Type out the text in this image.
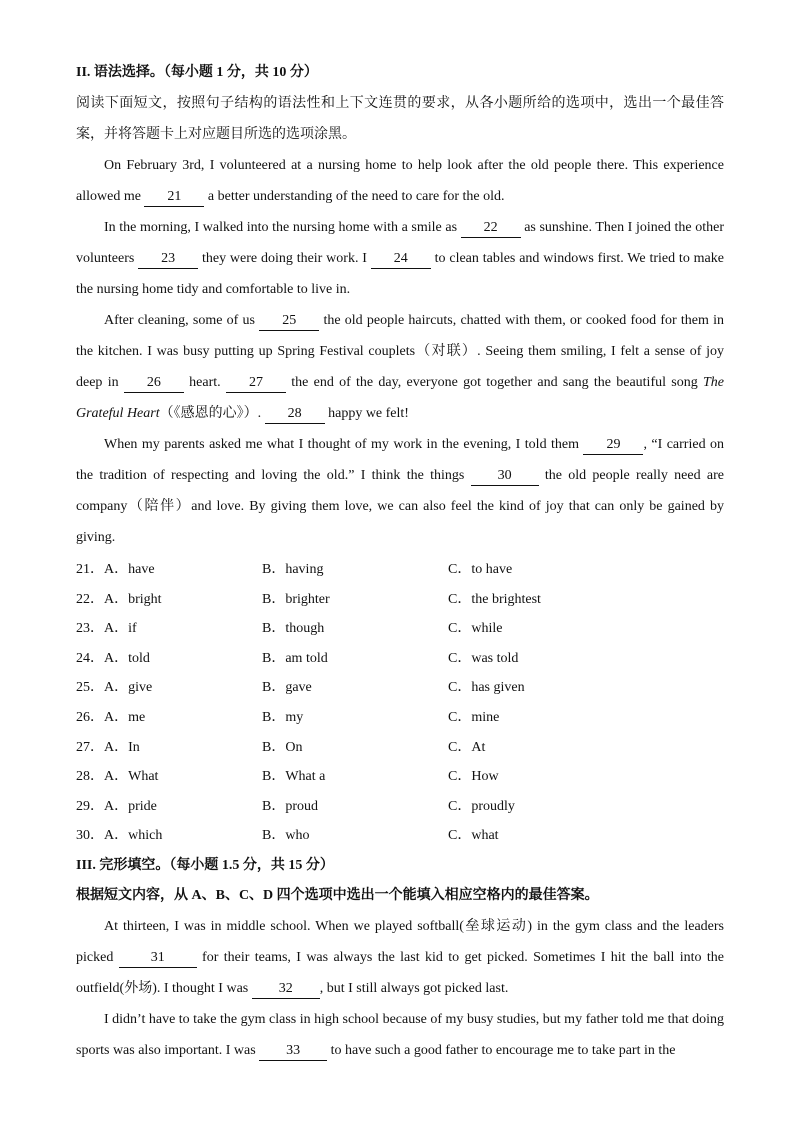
II. 语法选择。（每小题 1 分，共 10 分）

阅读下面短文，按照句子结构的语法性和上下文连贯的要求，从各小题所给的选项中，选出一个最佳答案，并将答题卡上对应题目所选的选项涂黑。

On February 3rd, I volunteered at a nursing home to help look after the old people there. This experience allowed me 21 a better understanding of the need to care for the old.

In the morning, I walked into the nursing home with a smile as 22 as sunshine. Then I joined the other volunteers 23 they were doing their work. I 24 to clean tables and windows first. We tried to make the nursing home tidy and comfortable to live in.

After cleaning, some of us 25 the old people haircuts, chatted with them, or cooked food for them in the kitchen. I was busy putting up Spring Festival couplets（对联）. Seeing them smiling, I felt a sense of joy deep in 26 heart. 27 the end of the day, everyone got together and sang the beautiful song The Grateful Heart（《感恩的心》）. 28 happy we felt!

When my parents asked me what I thought of my work in the evening, I told them 29 , “I carried on the tradition of respecting and loving the old.” I think the things 30 the old people really need are company（陪伴）and love. By giving them love, we can also feel the kind of joy that can only be gained by giving.

21．A．have	B．having	C．to have
22．A．bright	B．brighter	C．the brightest
23．A．if	B．though	C．while
24．A．told	B．am told	C．was told
25．A．give	B．gave	C．has given
26．A．me	B．my	C．mine
27．A．In	B．On	C．At
28．A．What	B．What a	C．How
29．A．pride	B．proud	C．proudly
30．A．which	B．who	C．what
III. 完形填空。（每小题 1.5 分，共 15 分）
根据短文内容，从 A、B、C、D 四个选项中选出一个能填入相应空格内的最佳答案。

At thirteen, I was in middle school. When we played softball(垒球运动) in the gym class and the leaders picked 31 for their teams, I was always the last kid to get picked. Sometimes I hit the ball into the outfield(外场). I thought I was 32 , but I still always got picked last.

I didn’t have to take the gym class in high school because of my busy studies, but my father told me that doing sports was also important. I was 33 to have such a good father to encourage me to take part in the
